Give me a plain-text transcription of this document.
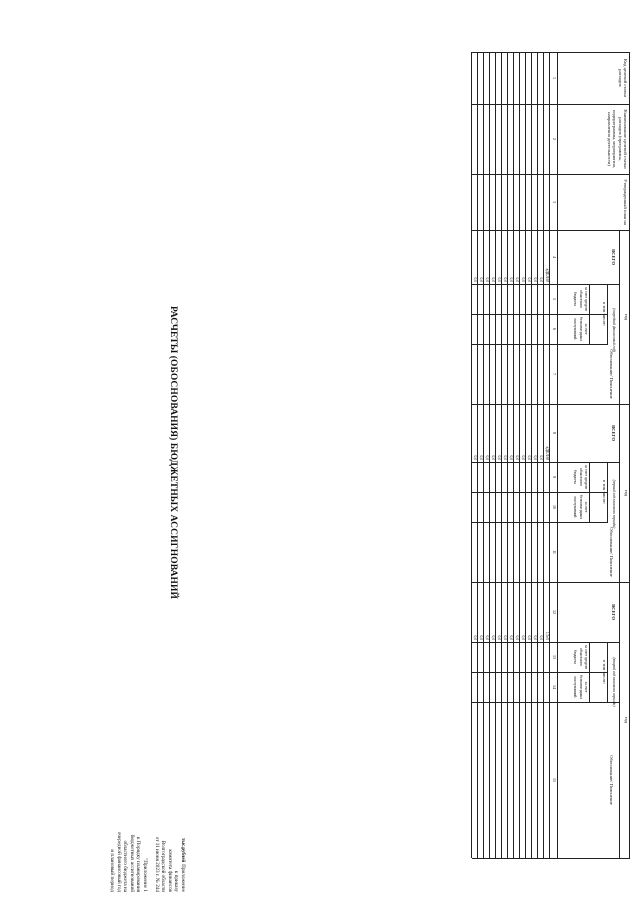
Приложение
к приказу
комитета финансов
Волгоградской области
от 11 июня 2023 г. № 244
"Приложение 1
к Порядку планирования
бюджетных ассигнований
областного бюджета на
очередной финансовый год
и плановый период
РАСЧЕТЫ (ОБОСНОВАНИЯ) БЮДЖЕТНЫХ АССИГНОВАНИЙ
тыс.рублей
Код целевой статьи расходов
Наименование целевой статьи расходов (программы, подпрограммы, мероприятия, направления деятельности)
Утвержденный план на
год
(очередной финансовый год)
ВСЕГО
в том числе:
за счет средств областного бюджета
за счет безвозмездных поступлений
Обоснование/ Пояснение
год
(первый год планового периода)
ВСЕГО
в том числе:
за счет средств областного бюджета
за счет безвозмездных поступлений
Обоснование/ Пояснение
год
(второй год планового периода)
ВСЕГО
в том числе:
за счет средств областного бюджета
за счет безвозмездных поступлений
Обоснование/ Пояснение
1
2
3
4
5
6
7
8
9
10
11
12
13
14
15
#ДЕЛ/0!
#ДЕЛ/0!
1,5e5
0,0
0,0
0,0
0,0
0,0
0,0
0,0
0,0
0,0
0,0
0,0
0,0
0,0
0,0
0,0
0,0
0,0
0,0
0,0
0,0
0,0
0,0
0,0
0,0
0,0
0,0
0,0
0,0
0,0
0,0
0,0
0,0
0,0
0,0
0,0
0,0
